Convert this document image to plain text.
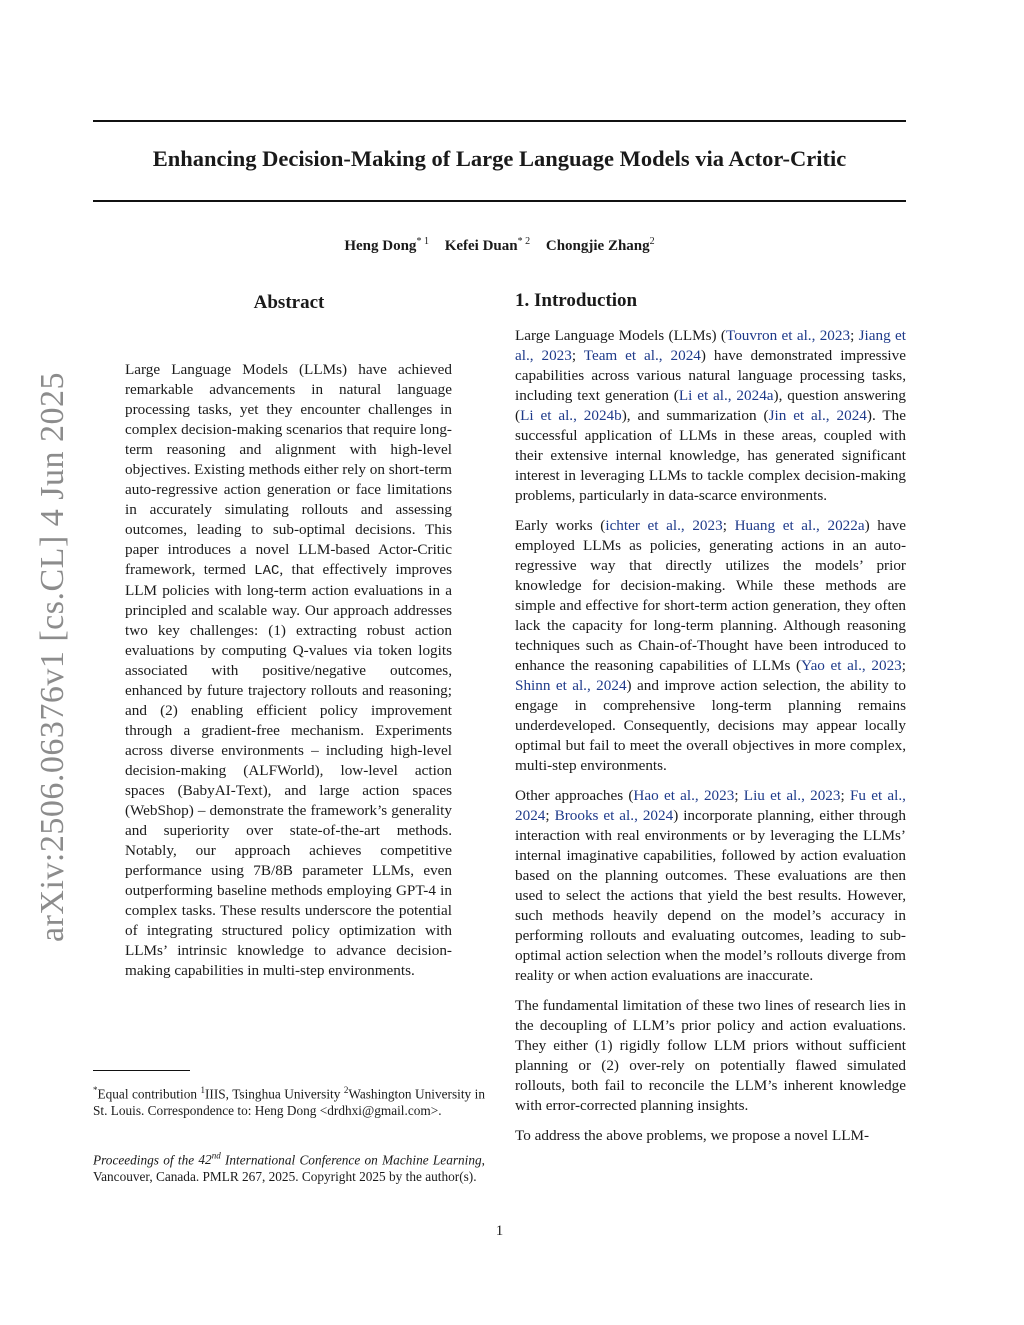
Enhancing Decision-Making of Large Language Models via Actor-Critic
Heng Dong$^{* 1}$ Kefei Duan$^{* 2}$ Chongjie Zhang$^2$
arXiv:2506.06376v1 [cs.CL] 4 Jun 2025
Abstract

Large Language Models (LLMs) have achieved remarkable advancements in natural language processing tasks, yet they encounter challenges in complex decision-making scenarios that require long-term reasoning and alignment with high-level objectives. Existing methods either rely on short-term auto-regressive action generation or face limitations in accurately simulating rollouts and assessing outcomes, leading to sub-optimal decisions. This paper introduces a novel LLM-based Actor-Critic framework, termed LAC, that effectively improves LLM policies with long-term action evaluations in a principled and scalable way. Our approach addresses two key challenges: (1) extracting robust action evaluations by computing Q-values via token logits associated with positive/negative outcomes, enhanced by future trajectory rollouts and reasoning; and (2) enabling efficient policy improvement through a gradient-free mechanism. Experiments across diverse environments – including high-level decision-making (ALFWorld), low-level action spaces (BabyAI-Text), and large action spaces (WebShop) – demonstrate the framework’s generality and superiority over state-of-the-art methods. Notably, our approach achieves competitive performance using 7B/8B parameter LLMs, even outperforming baseline methods employing GPT-4 in complex tasks. These results underscore the potential of integrating structured policy optimization with LLMs’ intrinsic knowledge to advance decision-making capabilities in multi-step environments.

1. Introduction

Large Language Models (LLMs) (Touvron et al., 2023; Jiang et al., 2023; Team et al., 2024) have demonstrated impressive capabilities across various natural language processing tasks, including text generation (Li et al., 2024a), question answering (Li et al., 2024b), and summarization (Jin et al., 2024). The successful application of LLMs in these areas, coupled with their extensive internal knowledge, has generated significant interest in leveraging LLMs to tackle complex decision-making problems, particularly in data-scarce environments.

Early works (ichter et al., 2023; Huang et al., 2022a) have employed LLMs as policies, generating actions in an auto-regressive way that directly utilizes the models’ prior knowledge for decision-making. While these methods are simple and effective for short-term action generation, they often lack the capacity for long-term planning. Although reasoning techniques such as Chain-of-Thought have been introduced to enhance the reasoning capabilities of LLMs (Yao et al., 2023; Shinn et al., 2024) and improve action selection, the ability to engage in comprehensive long-term planning remains underdeveloped. Consequently, decisions may appear locally optimal but fail to meet the overall objectives in more complex, multi-step environments.

Other approaches (Hao et al., 2023; Liu et al., 2023; Fu et al., 2024; Brooks et al., 2024) incorporate planning, either through interaction with real environments or by leveraging the LLMs’ internal imaginative capabilities, followed by action evaluation based on the planning outcomes. These evaluations are then used to select the actions that yield the best results. However, such methods heavily depend on the model’s accuracy in performing rollouts and evaluating outcomes, leading to sub-optimal action selection when the model’s rollouts diverge from reality or when action evaluations are inaccurate.

The fundamental limitation of these two lines of research lies in the decoupling of LLM’s prior policy and action evaluations. They either (1) rigidly follow LLM priors without sufficient planning or (2) over-rely on potentially flawed simulated rollouts, both fail to reconcile the LLM’s inherent knowledge with error-corrected planning insights.

To address the above problems, we propose a novel LLM-

*Equal contribution $^1$IIIS, Tsinghua University $^2$Washington University in St. Louis. Correspondence to: Heng Dong <drdhxi@gmail.com>.

Proceedings of the 42nd International Conference on Machine Learning, Vancouver, Canada. PMLR 267, 2025. Copyright 2025 by the author(s).

1
